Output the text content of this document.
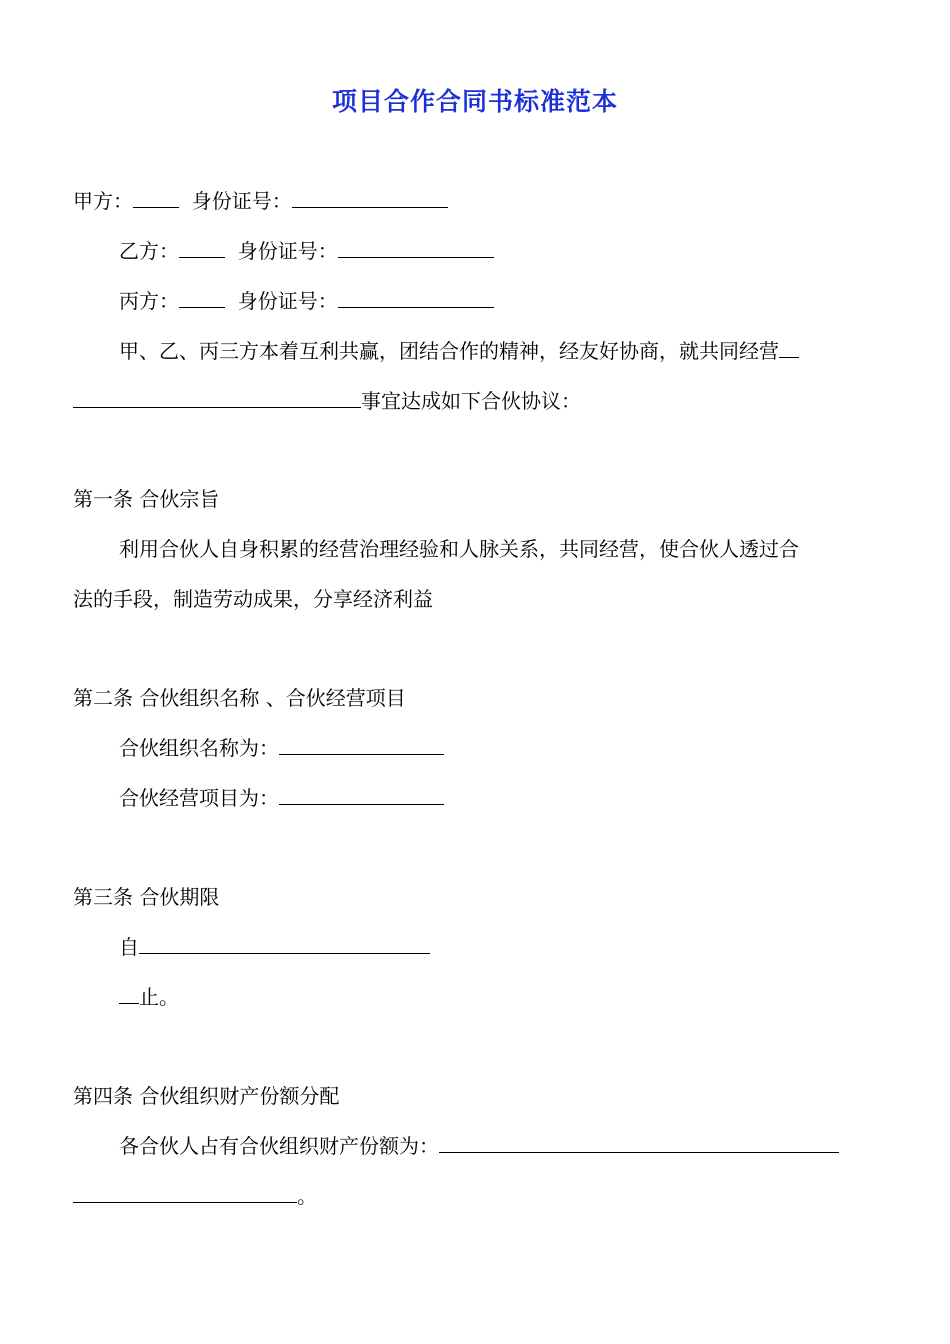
项目合作合同书标准范本
甲方：	身份证号：
乙方：	身份证号：
丙方：	身份证号：
甲、乙、丙三方本着互利共赢，团结合作的精神，经友好协商，就共同经营
事宜达成如下合伙协议：
第一条 合伙宗旨
利用合伙人自身积累的经营治理经验和人脉关系，共同经营，使合伙人透过合
法的手段，制造劳动成果，分享经济利益
第二条 合伙组织名称 、合伙经营项目
合伙组织名称为：
合伙经营项目为：
第三条 合伙期限
自
止。
第四条 合伙组织财产份额分配
各合伙人占有合伙组织财产份额为：
。
